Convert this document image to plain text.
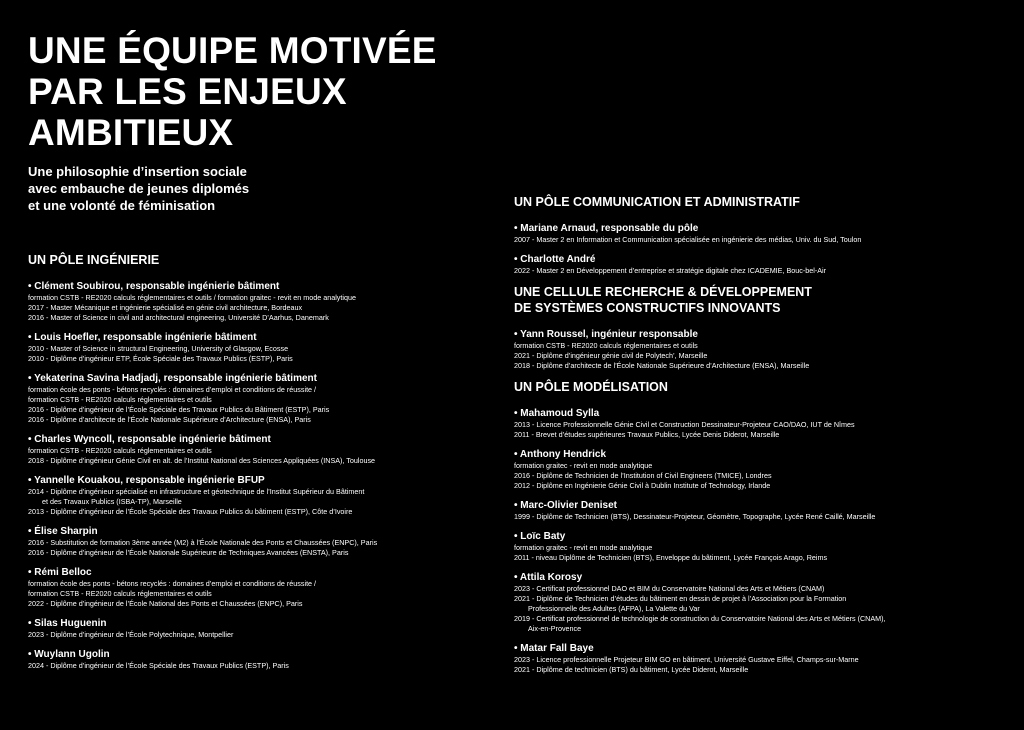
UNE ÉQUIPE MOTIVÉE
PAR LES ENJEUX
AMBITIEUX
Une philosophie d’insertion sociale
avec embauche de jeunes diplomés
et une volonté de féminisation
UN PÔLE INGÉNIERIE
• Clément Soubirou, responsable ingénierie bâtiment
formation CSTB - RE2020 calculs réglementaires et outils / formation graitec - revit en mode analytique
2017 - Master Mécanique et ingénierie spécialisé en génie civil architecture, Bordeaux
2016 - Master of Science in civil and architectural engineering, Université D’Aarhus, Danemark
• Louis Hoefler, responsable ingénierie bâtiment
2010 - Master of Science in structural Engineering, University of Glasgow, Ecosse
2010 - Diplôme d’ingénieur ETP, École Spéciale des Travaux Publics (ESTP), Paris
• Yekaterina Savina Hadjadj, responsable ingénierie bâtiment
formation école des ponts - bétons recyclés : domaines d’emploi et conditions de réussite /
formation CSTB - RE2020 calculs réglementaires et outils
2016 - Diplôme d’ingénieur de l’École Spéciale des Travaux Publics du Bâtiment (ESTP), Paris
2016 - Diplôme d’architecte de l’École Nationale Supérieure d’Architecture (ENSA), Paris
• Charles Wyncoll, responsable ingénierie bâtiment
formation CSTB - RE2020 calculs réglementaires et outils
2018 - Diplôme d’ingénieur Génie Civil en alt. de l’Institut National des Sciences Appliquées (INSA), Toulouse
• Yannelle Kouakou, responsable ingénierie BFUP
2014 - Diplôme d’ingénieur spécialisé en infrastructure et géotechnique de l’Institut Supérieur du Bâtiment
et des Travaux Publics (ISBA-TP), Marseille
2013 - Diplôme d’ingénieur de l’École Spéciale des Travaux Publics du bâtiment (ESTP), Côte d’Ivoire
• Élise Sharpin
2016 - Substitution de formation 3ème année (M2) à l’École Nationale des Ponts et Chaussées (ENPC), Paris
2016 - Diplôme d’ingénieur de l’École Nationale Supérieure de Techniques Avancées (ENSTA), Paris
• Rémi Belloc
formation école des ponts - bétons recyclés : domaines d’emploi et conditions de réussite /
formation CSTB - RE2020 calculs réglementaires et outils
2022 - Diplôme d’ingénieur de l’École National des Ponts et Chaussées (ENPC), Paris
• Silas Huguenin
2023 - Diplôme d’ingénieur de l’École Polytechnique, Montpellier
• Wuylann Ugolin
2024 - Diplôme d’ingénieur de l’École Spéciale des Travaux Publics (ESTP), Paris
UN PÔLE COMMUNICATION ET ADMINISTRATIF
• Mariane Arnaud, responsable du pôle
2007 - Master 2 en Information et Communication spécialisée en ingénierie des médias, Univ. du Sud, Toulon
• Charlotte André
2022 - Master 2 en Développement d’entreprise et stratégie digitale chez ICADEMIE, Bouc-bel-Air
UNE CELLULE RECHERCHE & DÉVELOPPEMENT
DE SYSTÈMES CONSTRUCTIFS INNOVANTS
• Yann Roussel, ingénieur responsable
formation CSTB - RE2020 calculs réglementaires et outils
2021 - Diplôme d’ingénieur génie civil de Polytech’, Marseille
2018 - Diplôme d’architecte de l’École Nationale Supérieure d’Architecture (ENSA), Marseille
UN PÔLE MODÉLISATION
• Mahamoud Sylla
2013 - Licence Professionnelle Génie Civil et Construction Dessinateur-Projeteur CAO/DAO, IUT de Nîmes
2011 - Brevet d’études supérieures Travaux Publics, Lycée Denis Diderot, Marseille
• Anthony Hendrick
formation graitec - revit en mode analytique
2016 - Diplôme de Technicien de l’Institution of Civil Engineers (TMICE), Londres
2012 - Diplôme en Ingénierie Génie Civil à Dublin Institute of Technology, Irlande
• Marc-Olivier Deniset
1999 - Diplôme de Technicien (BTS), Dessinateur-Projeteur, Géomètre, Topographe, Lycée René Caillé, Marseille
• Loïc Baty
formation graitec - revit en mode analytique
2011 - niveau Diplôme de Technicien (BTS), Enveloppe du bâtiment, Lycée François Arago, Reims
• Attila Korosy
2023 - Certificat professionnel DAO et BIM du Conservatoire National des Arts et Métiers (CNAM)
2021 - Diplôme de Technicien d’études du bâtiment en dessin de projet à l’Association pour la Formation
Professionnelle des Adultes (AFPA), La Valette du Var
2019 - Certificat professionnel de technologie de construction du Conservatoire National des Arts et Métiers (CNAM),
Aix-en-Provence
• Matar Fall Baye
2023 - Licence professionnelle Projeteur BIM GO en bâtiment, Université Gustave Eiffel, Champs-sur-Marne
2021 - Diplôme de technicien (BTS) du bâtiment, Lycée Diderot, Marseille
